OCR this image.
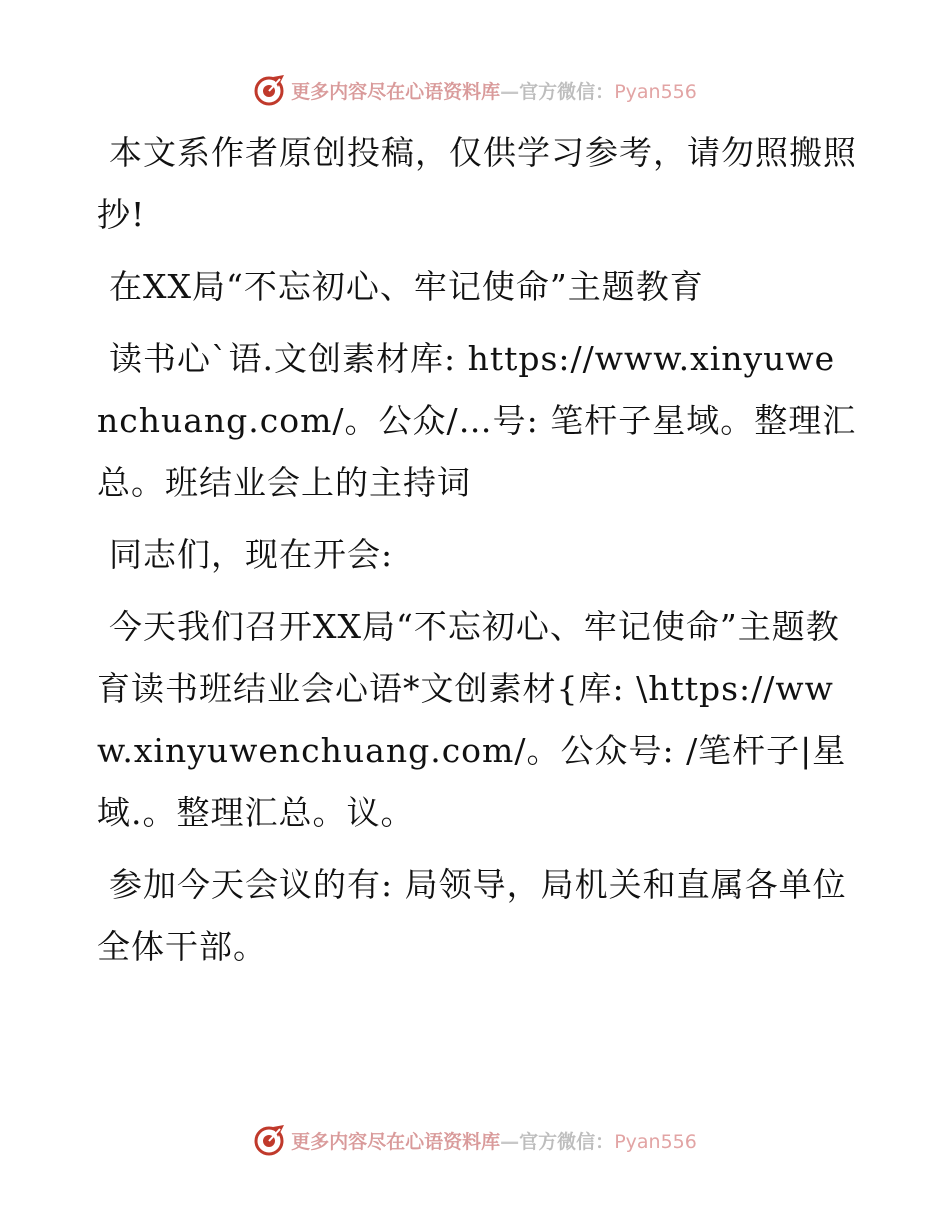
更多内容尽在心语资料库—官方微信：Pyan556

本文系作者原创投稿，仅供学习参考，请勿照搬照抄!

在XX局“不忘初心、牢记使命”主题教育

读书心`语.文创素材库: https://www.xinyuwenchuang.com/。公众/…号: 笔杆子星域。整理汇总。班结业会上的主持词

同志们，现在开会:

今天我们召开XX局“不忘初心、牢记使命”主题教育读书班结业会心语*文创素材{库: \https://www.xinyuwenchuang.com/。公众号: /笔杆子|星域.。整理汇总。议。

参加今天会议的有: 局领导，局机关和直属各单位全体干部。

更多内容尽在心语资料库—官方微信：Pyan556
